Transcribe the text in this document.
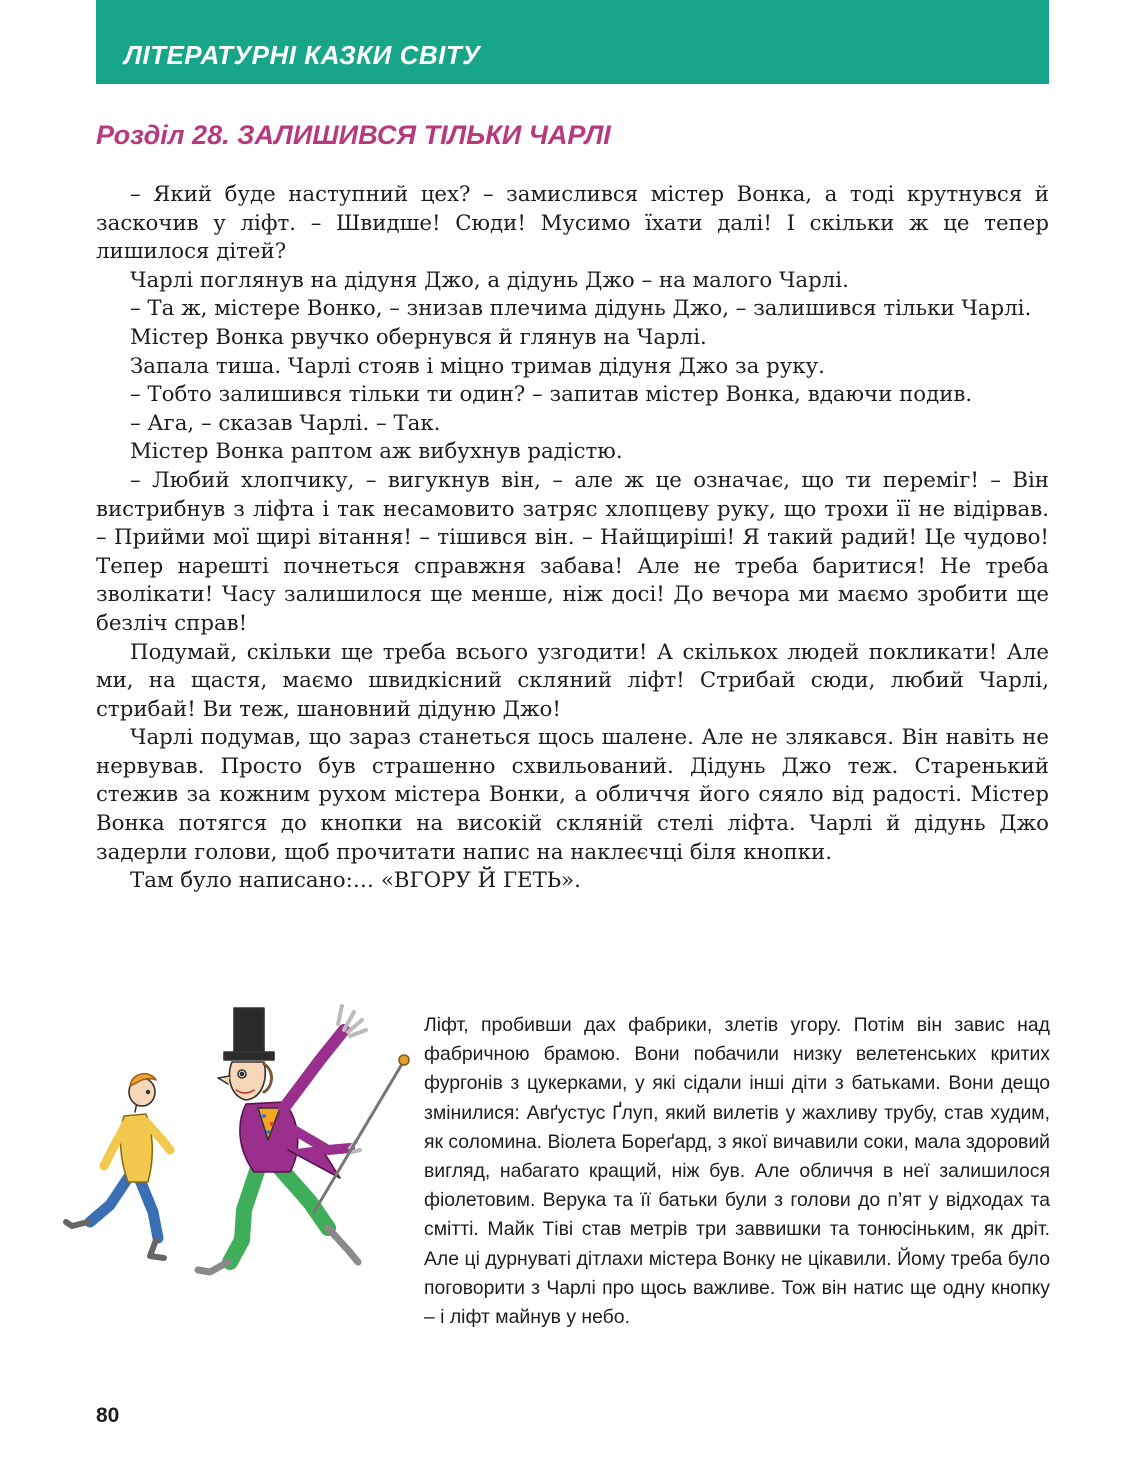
ЛІТЕРАТУРНІ КАЗКИ СВІТУ
Розділ 28. ЗАЛИШИВСЯ ТІЛЬКИ ЧАРЛІ

– Який буде наступний цех? – замислився містер Вонка, а тоді крутнувся й заскочив у ліфт. – Швидше! Сюди! Мусимо їхати далі! І скільки ж це тепер лишилося дітей?

Чарлі поглянув на дідуня Джо, а дідунь Джо – на малого Чарлі.

– Та ж, містере Вонко, – знизав плечима дідунь Джо, – залишився тільки Чарлі.

Містер Вонка рвучко обернувся й глянув на Чарлі.

Запала тиша. Чарлі стояв і міцно тримав дідуня Джо за руку.

– Тобто залишився тільки ти один? – запитав містер Вонка, вдаючи подив.

– Ага, – сказав Чарлі. – Так.

Містер Вонка раптом аж вибухнув радістю.

– Любий хлопчику, – вигукнув він, – але ж це означає, що ти переміг! – Він вистрибнув з ліфта і так несамовито затряс хлопцеву руку, що трохи її не відірвав. – Прийми мої щирі вітання! – тішився він. – Найщиріші! Я такий радий! Це чудово! Тепер нарешті почнеться справжня забава! Але не треба баритися! Не треба зволікати! Часу залишилося ще менше, ніж досі! До вечора ми маємо зробити ще безліч справ!

Подумай, скільки ще треба всього узгодити! А скількох людей покликати! Але ми, на щастя, маємо швидкісний скляний ліфт! Стрибай сюди, любий Чарлі, стрибай! Ви теж, шановний дідуню Джо!

Чарлі подумав, що зараз станеться щось шалене. Але не злякався. Він навіть не нервував. Просто був страшенно схвильований. Дідунь Джо теж. Старенький стежив за кожним рухом містера Вонки, а обличчя його сяяло від радості. Містер Вонка потягся до кнопки на високій скляній стелі ліфта. Чарлі й дідунь Джо задерли голови, щоб прочитати напис на наклеєчці біля кнопки.

Там було написано:… «ВГОРУ Й ГЕТЬ».

Ліфт, пробивши дах фабрики, злетів угору. Потім він завис над фабричною брамою. Вони побачили низку велетенських критих фургонів з цукерками, у які сідали інші діти з батьками. Вони дещо змінилися: Авґустус Ґлуп, який вилетів у жахливу трубу, став худим, як соломина. Віолета Бореґард, з якої вичавили соки, мала здоровий вигляд, набагато кращий, ніж був. Але обличчя в неї залишилося фіолетовим. Верука та її батьки були з голови до п’ят у відходах та смітті. Майк Тіві став метрів три заввишки та тонюсіньким, як дріт. Але ці дурнуваті дітлахи містера Вонку не цікавили. Йому треба було поговорити з Чарлі про щось важливе. Тож він натис ще одну кнопку – і ліфт майнув у небо.

80
